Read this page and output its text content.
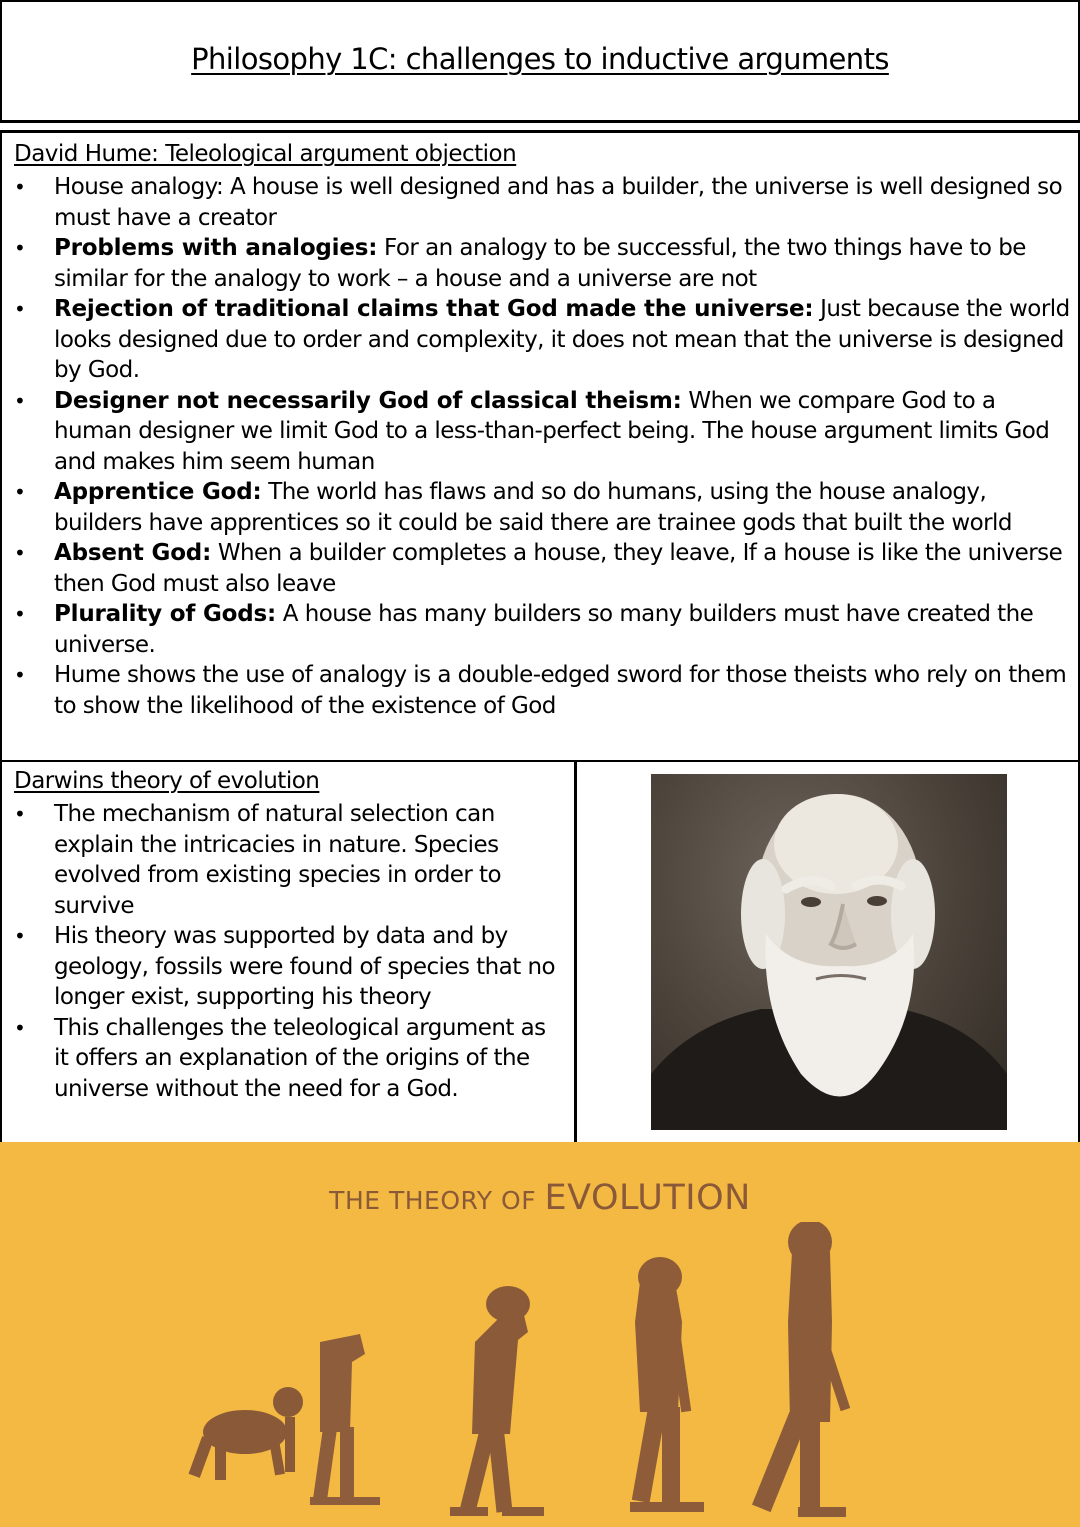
Philosophy 1C: challenges to inductive arguments
David Hume: Teleological argument objection
• House analogy: A house is well designed and has a builder, the universe is well designed so must have a creator
• Problems with analogies: For an analogy to be successful, the two things have to be similar for the analogy to work – a house and a universe are not
• Rejection of traditional claims that God made the universe: Just because the world looks designed due to order and complexity, it does not mean that the universe is designed by God.
• Designer not necessarily God of classical theism: When we compare God to a human designer we limit God to a less-than-perfect being. The house argument limits God and makes him seem human
• Apprentice God: The world has flaws and so do humans, using the house analogy, builders have apprentices so it could be said there are trainee gods that built the world
• Absent God: When a builder completes a house, they leave, If a house is like the universe then God must also leave
• Plurality of Gods: A house has many builders so many builders must have created the universe.
• Hume shows the use of analogy is a double-edged sword for those theists who rely on them to show the likelihood of the existence of God
Darwins theory of evolution
• The mechanism of natural selection can explain the intricacies in nature. Species evolved from existing species in order to survive
• His theory was supported by data and by geology, fossils were found of species that no longer exist, supporting his theory
• This challenges the teleological argument as it offers an explanation of the origins of the universe without the need for a God.
THE THEORY OF EVOLUTION
